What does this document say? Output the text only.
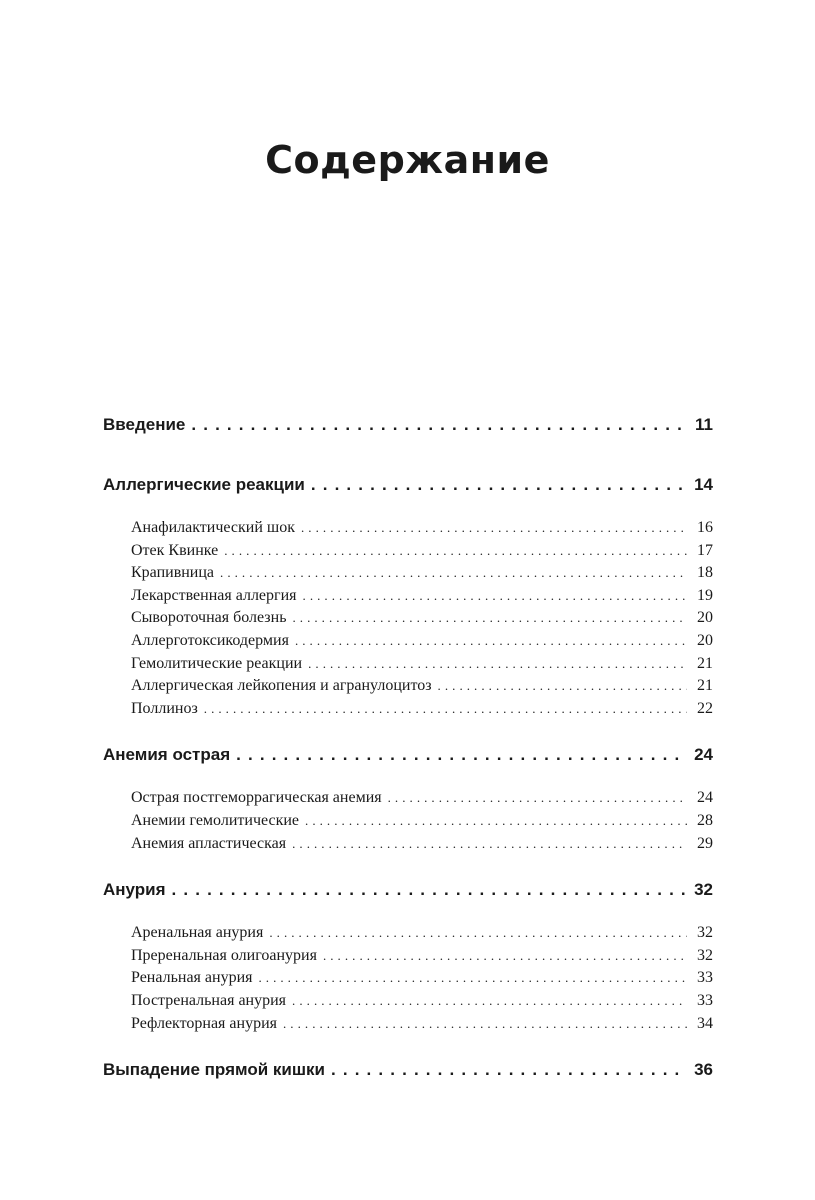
Содержание
Введение . . .	11
Аллергические реакции . . .	14
Анафилактический шок . . .	16
Отек Квинке . . .	17
Крапивница . . .	18
Лекарственная аллергия . . .	19
Сывороточная болезнь . . .	20
Аллерготоксикодермия . . .	20
Гемолитические реакции . . .	21
Аллергическая лейкопения и агранулоцитоз . . .	21
Поллиноз . . .	22
Анемия острая . . .	24
Острая постгеморрагическая анемия . . .	24
Анемии гемолитические . . .	28
Анемия апластическая . . .	29
Анурия . . .	32
Аренальная анурия . . .	32
Преренальная олигоанурия . . .	32
Ренальная анурия . . .	33
Постренальная анурия . . .	33
Рефлекторная анурия . . .	34
Выпадение прямой кишки . . .	36
